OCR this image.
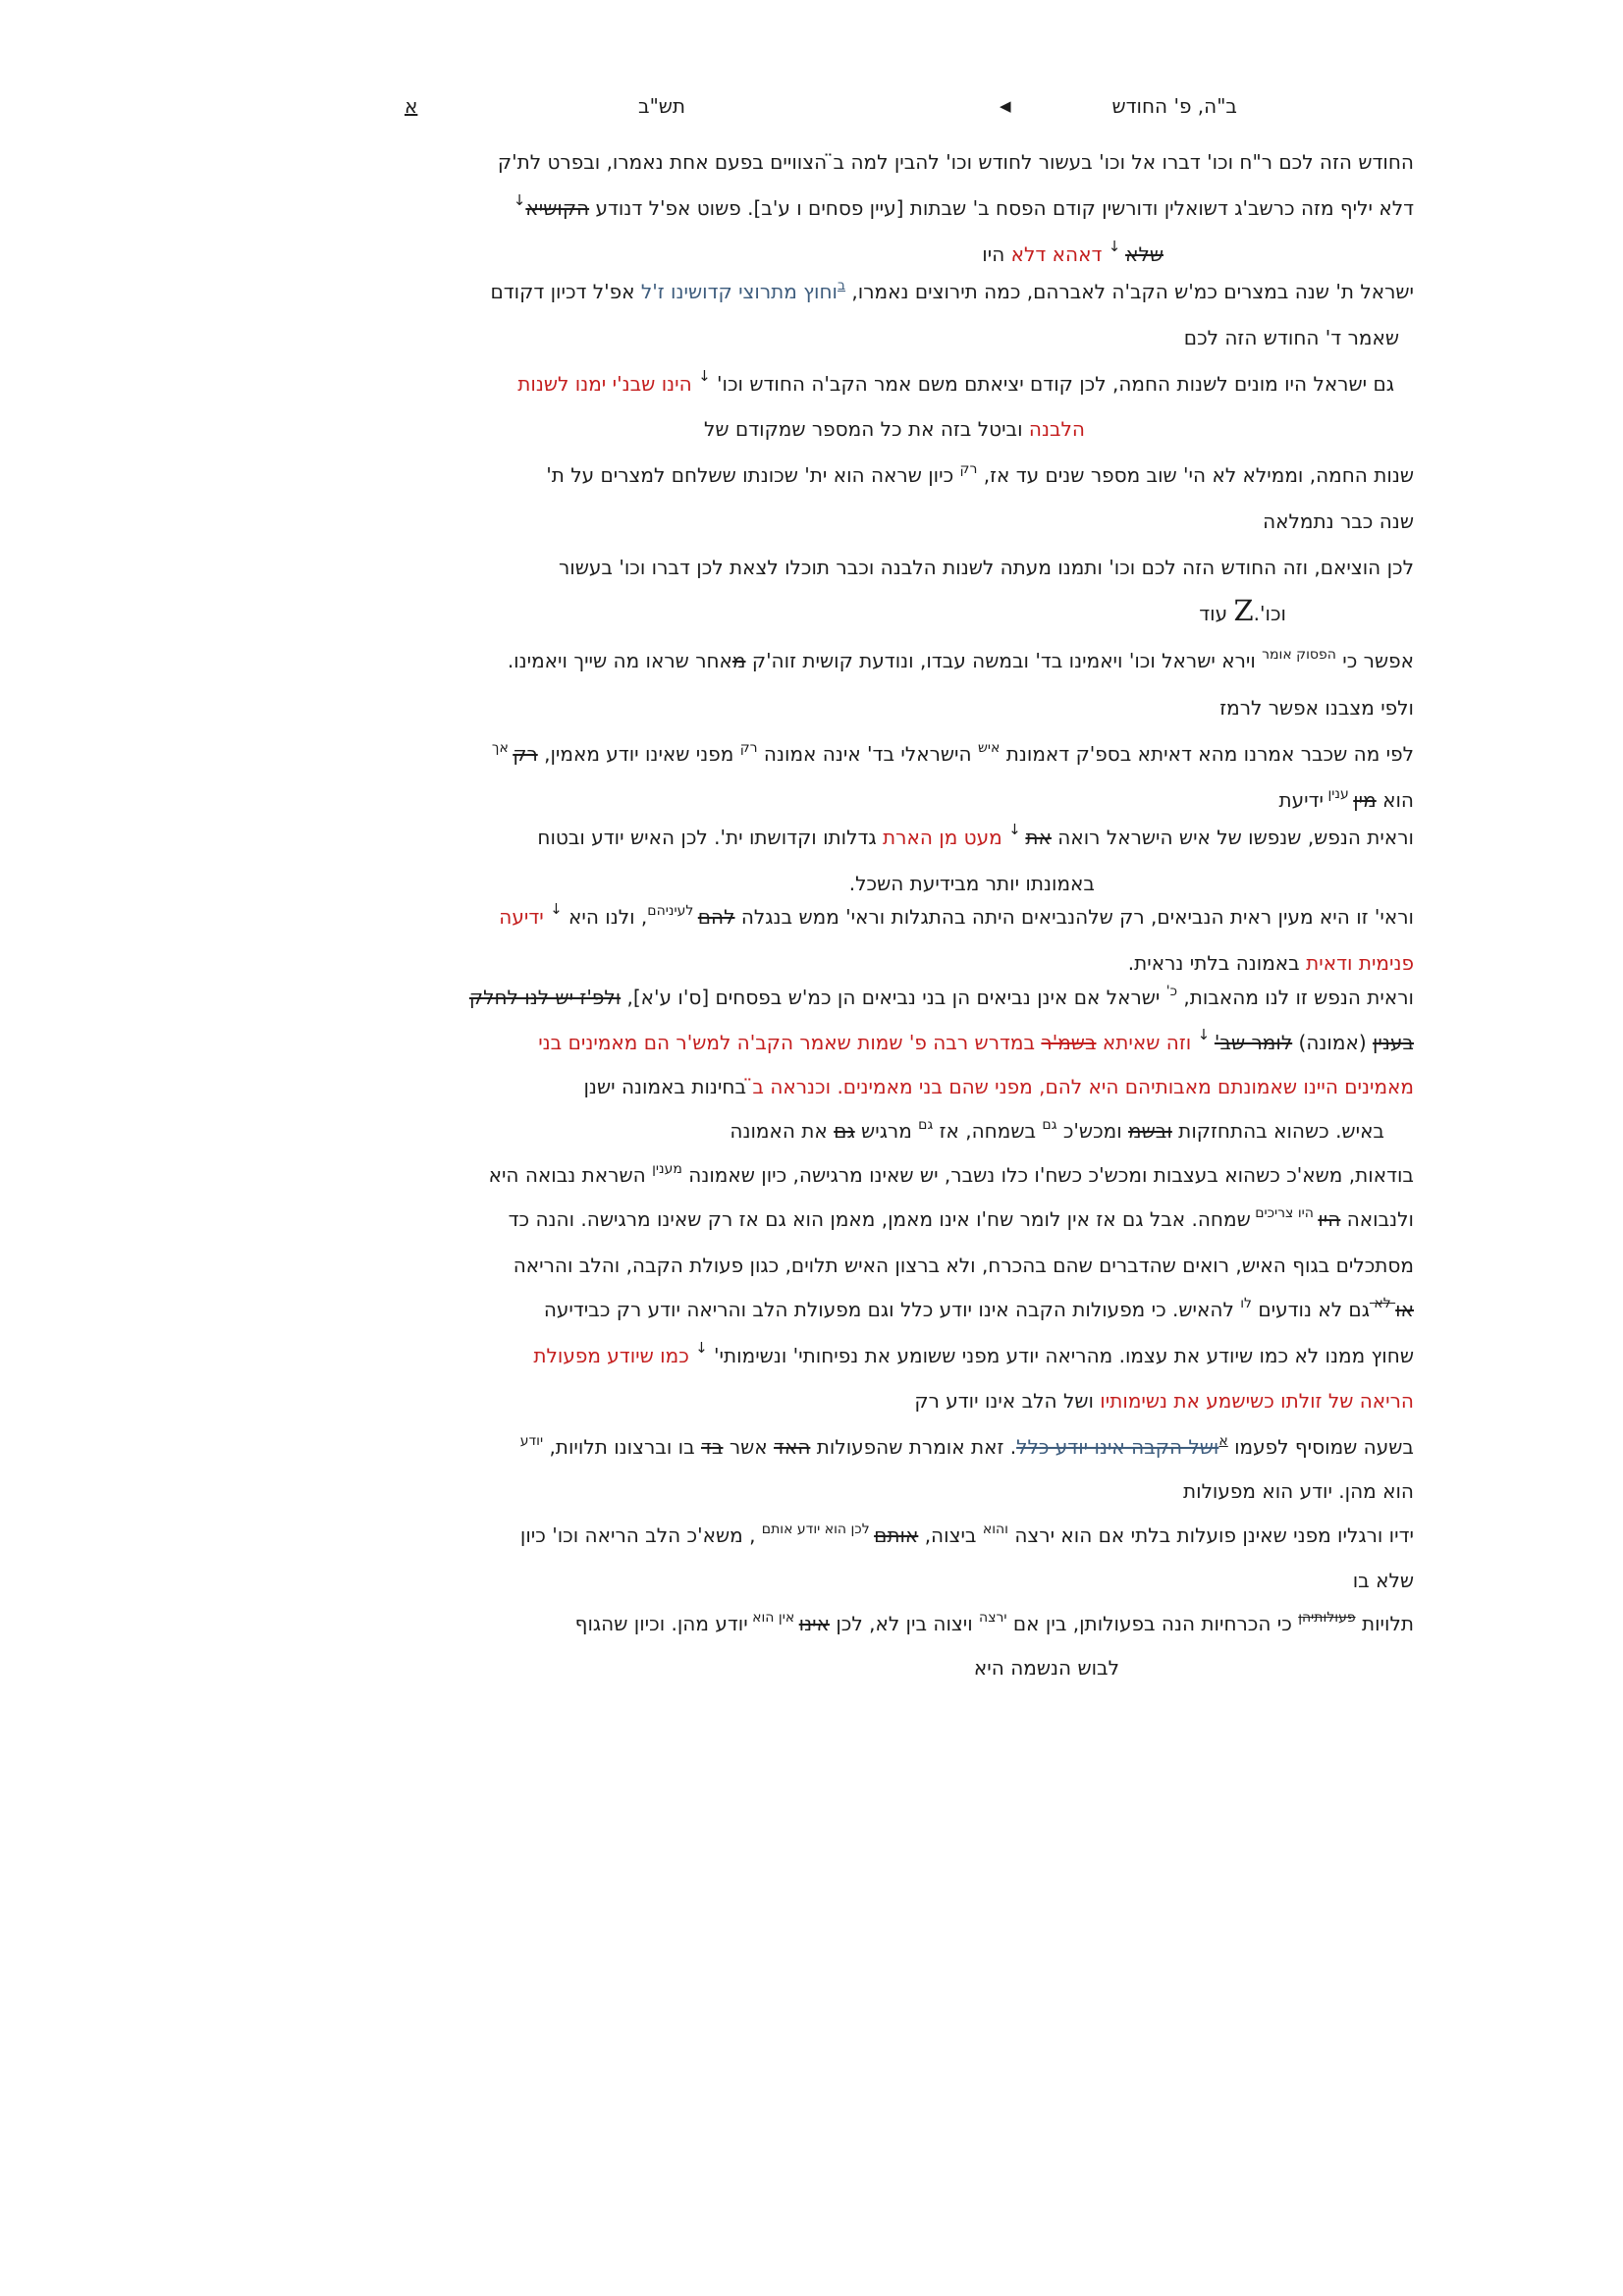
ב"ה, פ' החודש
◀
תש"ב
א
החודש הזה לכם ר"ח וכו' דברו אל וכו' בעשור לחודש וכו' להבין למה ב̈ הצוויים בפעם אחת נאמרו, ובפרט לת'ק
דלא יליף מזה כרשב'ג דשואלין ודורשין קודם הפסח ב' שבתות [עיין פסחים ו ע'ב]. פשוט אפ'ל דנודע הקושיא↓
שלא ↓ דאהא דלא היו
ישראל ת' שנה במצרים כמ'ש הקב'ה לאברהם, כמה תירוצים נאמרו, $^ב$וחוץ מתרוצי קדושינו ז'ל אפ'ל דכיון דקודם
שאמר ד' החודש הזה לכם
גם ישראל היו מונים לשנות החמה, לכן קודם יציאתם משם אמר הקב'ה החודש וכו' ↓ הינו שבנ'י ימנו לשנות
הלבנה וביטל בזה את כל המספר שמקודם של
שנות החמה, וממילא לא הי' שוב מספר שנים עד אז, $^{רק}$ כיון שראה הוא ית' שכונתו ששלחם למצרים על ת'
שנה כבר נתמלאה
לכן הוציאם, וזה החודש הזה לכם וכו' ותמנו מעתה לשנות הלבנה וכבר תוכלו לצאת לכן דברו וכו' בעשור
וכו'.Z עוד
אפשר כי $^{הפסוק אומר}$ וירא ישראל וכו' ויאמינו בד' ובמשה עבדו, ונודעת קושית זוה'ק מאחר שראו מה שייך ויאמינו.
ולפי מצבנו אפשר לרמז
לפי מה שכבר אמרנו מהא דאיתא בספ'ק דאמונת $^{איש}$ הישראלי בד' אינה אמונה $^{רק}$ מפני שאינו יודע מאמין, רק $^{אך}$
הוא מין $^{ענין}$ ידיעת
וראית הנפש, שנפשו של איש הישראל רואה את ↓ מעט מן הארת גדלותו וקדושתו ית'. לכן האיש יודע ובטוח
באמונתו יותר מבידיעת השכל.
וראי' זו היא מעין ראית הנביאים, רק שלהנביאים היתה בהתגלות וראי' ממש בנגלה להם $^{לעיניהם}$, ולנו היא ↓ ידיעה
פנימית ודאית באמונה בלתי נראית.
וראית הנפש זו לנו מהאבות, $^{כ'}$ ישראל אם אינן נביאים הן בני נביאים הן כמ'ש בפסחים [ס'ו ע'א], ולפ'ז יש לנו לחלק
בענין (אמונה) לומר שב' ↓ וזה שאיתא בשמ'ר במדרש רבה פ' שמות שאמר הקב'ה למש'ר הם מאמינים בני
מאמינים היינו שאמונתם מאבותיהם היא להם, מפני שהם בני מאמינים. וכנראה ב̈ בחינות באמונה ישנן
באיש. כשהוא בהתחזקות ובשמ ומכש'כ $^{גם}$ בשמחה, אז $^{גם}$ מרגיש גם את האמונה
בודאות, משא'כ כשהוא בעצבות ומכש'כ כשח'ו כלו נשבר, יש שאינו מרגישה, כיון שאמונה $^{מענין}$ השראת נבואה היא
ולנבואה היו $^{היו צריכים}$ שמחה. אבל גם אז אין לומר שח'ו אינו מאמן, מאמן הוא גם אז רק שאינו מרגישה. והנה כד
מסתכלים בגוף האיש, רואים שהדברים שהם בהכרח, ולא ברצון האיש תלוים, כגון פעולת הקבה, והלב והריאה
או $^{לא}$ גם לא נודעים $^{לו}$ להאיש. כי מפעולות הקבה אינו יודע כלל וגם מפעולת הלב והריאה יודע רק כבידיעה
שחוץ ממנו לא כמו שיודע את עצמו. מהריאה יודע מפני ששומע את נפיחותי' ונשימותי' ↓ כמו שיודע מפעולת
הריאה של זולתו כשישמע את נשימותיו ושל הלב אינו יודע רק
בשעה שמוסיף לפעמו $^א$ושל הקבה אינו יודע כלל. זאת אומרת שהפעולות האד אשר בד בו וברצונו תלויות, $^{יודע}$
הוא מהן. יודע הוא מפעולות
ידיו ורגליו מפני שאינן פועלות בלתי אם הוא ירצה $^{והוא}$ ביצוה, אותם $^{לכן הוא יודע אותם}$ , משא'כ הלב הריאה וכו' כיון
שלא בו
תלויות $^{פעולותיהן}$ כי הכרחיות הנה בפעולותן, בין אם $^{ירצה}$ ויצוה בין לא, לכן אינו $^{אין הוא}$ יודע מהן. וכיון שהגוף
לבוש הנשמה היא
